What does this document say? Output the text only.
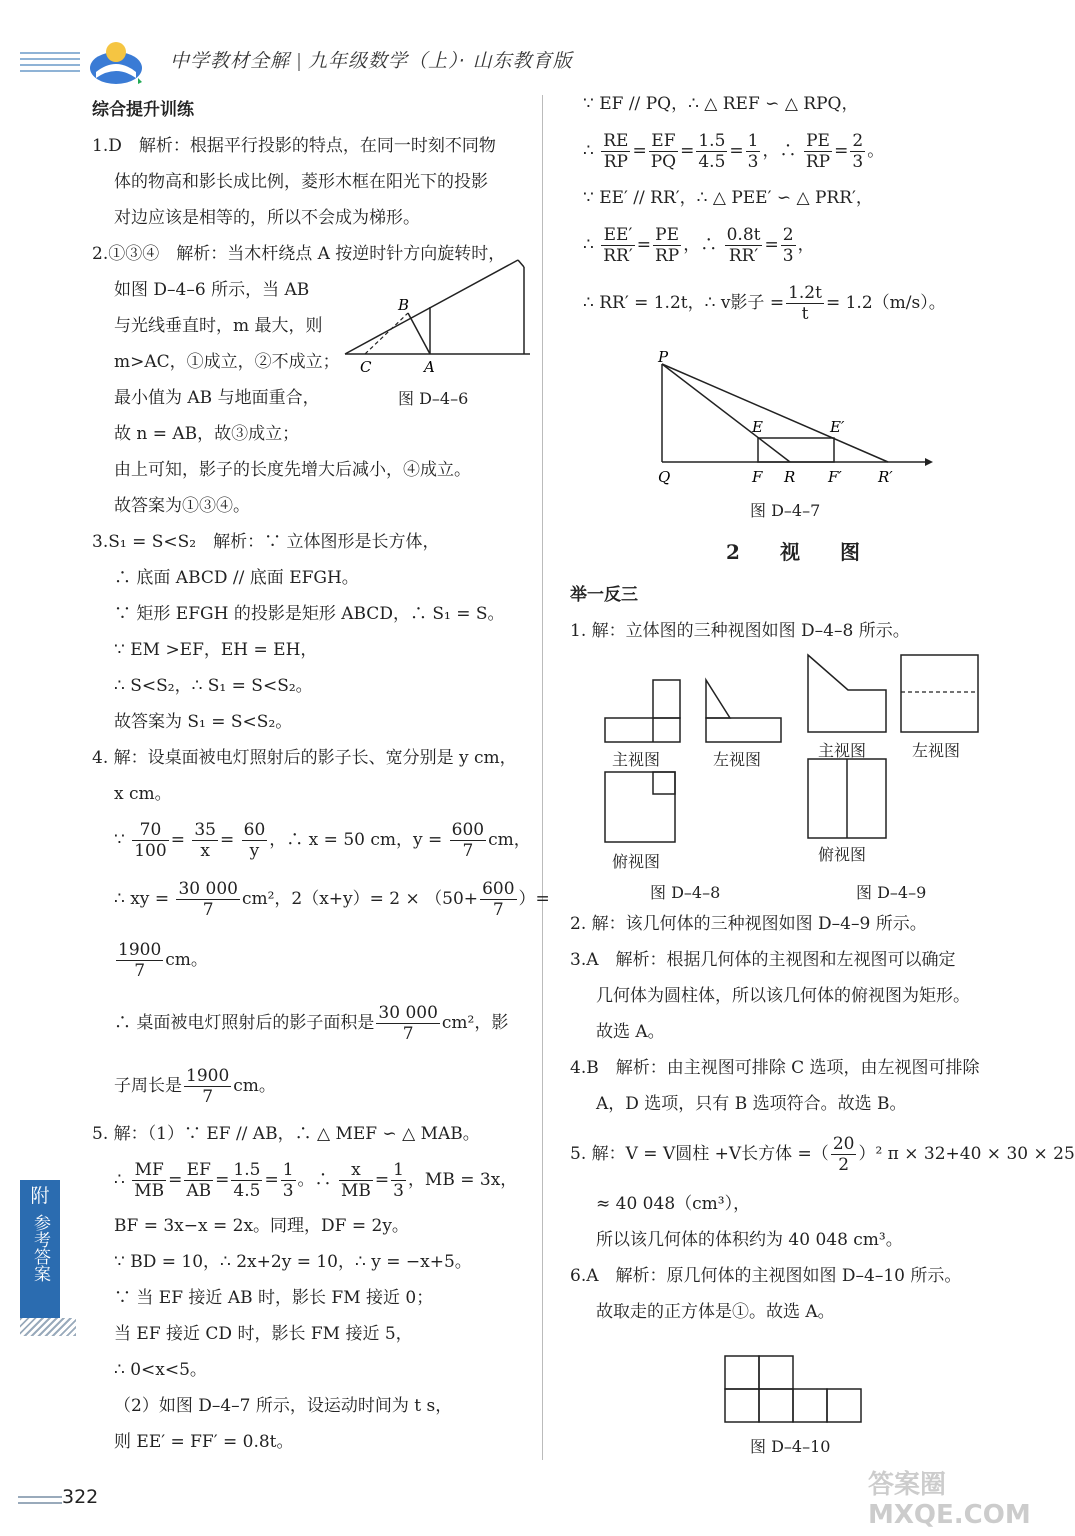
中学教材全解 九年级数学（上）· 山东教育版

综合提升训练

1.D　解析：根据平行投影的特点，在同一时刻不同物

体的物高和影长成比例，菱形木框在阳光下的投影

对边应该是相等的，所以不会成为梯形。

2.①③④　解析：当木杆绕点 A 按逆时针方向旋转时，

如图 D–4–6 所示，当 AB

与光线垂直时，m 最大，则

m>AC，①成立，②不成立；

最小值为 AB 与地面重合，

故 n = AB，故③成立；

由上可知，影子的长度先增大后减小，④成立。

故答案为①③④。

3.S₁ = S<S₂　解析：∵ 立体图形是长方体，

∴ 底面 ABCD // 底面 EFGH。

∵ 矩形 EFGH 的投影是矩形 ABCD，∴ S₁ = S。

∵ EM >EF，EH = EH，

∴ S<S₂，∴ S₁ = S<S₂。

故答案为 S₁ = S<S₂。

4. 解：设桌面被电灯照射后的影子长、宽分别是 y cm，

x cm。

∵ $\frac{70}{100} = \frac{35}{x} = \frac{60}{y}$ ，∴ x = 50 cm，$y = \frac{600}{7}$ cm，

∴ xy = $\frac{30 000}{7} cm^2$，$2(x+y)= 2 \times (50+ \frac{600}{7}$ ）=

$\frac{1900}{7}$ cm。

∴ 桌面被电灯照射后的影子面积是 $\frac{30 000}{7} cm^2$，影

子周长是 $\frac{1900}{7}$ cm。

5. 解：（1）∵ EF // AB，∴ △ MEF ∽ △ MAB。

∴ $\frac{MF}{MB} = \frac{EF}{AB} = \frac{1.5}{4.5} = \frac{1}{3}$ 。∴ $\frac{x}{MB} = \frac{1}{3}$ ，MB = 3x，

BF = 3x−x = 2x。同理，DF = 2y。

∵ BD = 10，∴ 2x+2y = 10，∴ y = −x+5。

∵ 当 EF 接近 AB 时，影长 FM 接近 0；

当 EF 接近 CD 时，影长 FM 接近 5，

∴ 0<x<5。

（2）如图 D–4–7 所示，设运动时间为 t s，

则 EE′ = FF′ = 0.8t。

B
C	A
图 D–4–6
附
参考答案
322

∵ EF // PQ，∴ △ REF ∽ △ RPQ，

∴ $\frac{RE}{RP} = \frac{EF}{PQ} = \frac{1.5}{4.5} = \frac{1}{3}$ ，∴ $\frac{PE}{RP} = \frac{2}{3}$ 。

∵ EE′ // RR′，∴ △ PEE′ ∽ △ PRR′，

∴ $\frac{EE'}{RR'} = \frac{PE}{RP}$ ，∴ $\frac{0.8t}{RR'} = \frac{2}{3}$ ，

∴ RR′ = 1.2t，∴ v影子 = $\frac{1.2t}{t} = 1.2(m/s)$。

P
Q
E	E′
F R F′ R′
图 D–4–7
2　视　图

举一反三

1. 解：立体图的三种视图如图 D–4–8 所示。

主视图	左视图
俯视图
图 D–4–8
主视图	左视图
俯视图
图 D–4–9

2. 解：该几何体的三种视图如图 D–4–9 所示。

3.A　解析：根据几何体的主视图和左视图可以确定

几何体为圆柱体，所以该几何体的俯视图为矩形。

故选 A。

4.B　解析：由主视图可排除 C 选项，由左视图可排除

A，D 选项，只有 B 选项符合。故选 B。

5. 解：V = V圆柱 +V长方体 =（ $\frac{20}{2} )^2$ π × 32+40 × 30 × 25

≈ 40 048（cm³），

所以该几何体的体积约为 40 048 cm³。

6.A　解析：原几何体的主视图如图 D–4–10 所示。

故取走的正方体是①。故选 A。

图 D–4–10
答案圈 MXQE.COM
